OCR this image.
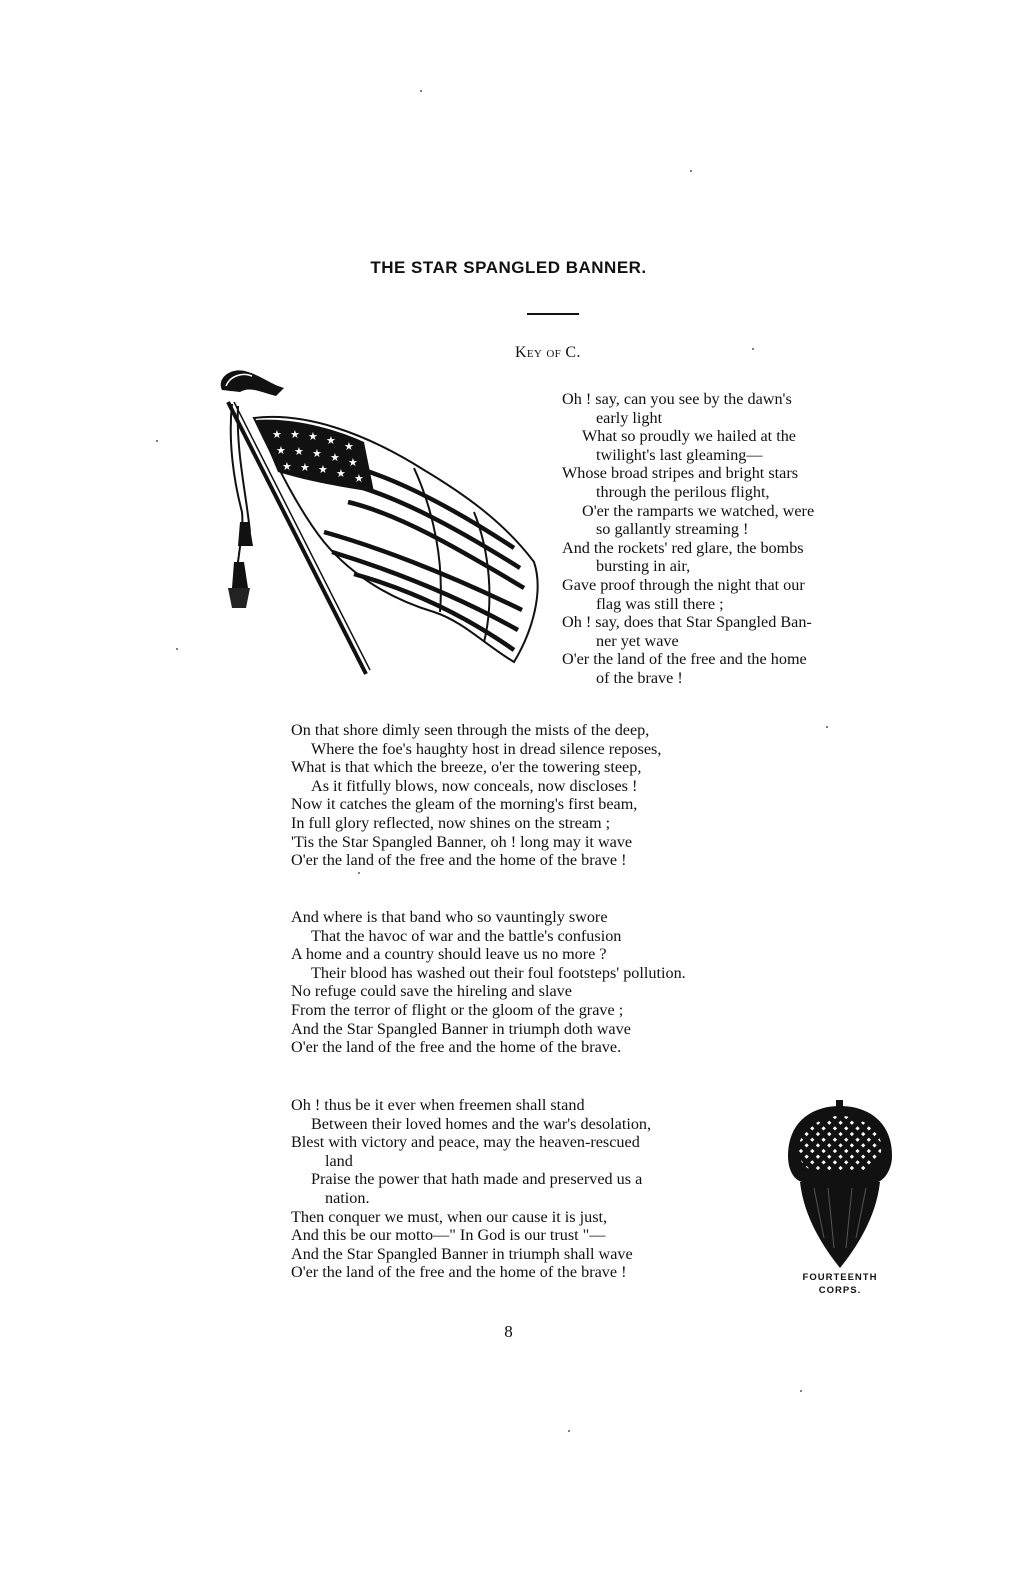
THE STAR SPANGLED BANNER.
Key of C.
★ ★ ★ ★ ★
★ ★ ★ ★ ★
★ ★ ★ ★ ★
Oh ! say, can you see by the dawn's
early light
What so proudly we hailed at the
twilight's last gleaming—
Whose broad stripes and bright stars
through the perilous flight,
O'er the ramparts we watched, were
so gallantly streaming !
And the rockets' red glare, the bombs
bursting in air,
Gave proof through the night that our
flag was still there ;
Oh ! say, does that Star Spangled Ban-
ner yet wave
O'er the land of the free and the home
of the brave !
On that shore dimly seen through the mists of the deep,
Where the foe's haughty host in dread silence reposes,
What is that which the breeze, o'er the towering steep,
As it fitfully blows, now conceals, now discloses !
Now it catches the gleam of the morning's first beam,
In full glory reflected, now shines on the stream ;
'Tis the Star Spangled Banner, oh ! long may it wave
O'er the land of the free and the home of the brave !
And where is that band who so vauntingly swore
That the havoc of war and the battle's confusion
A home and a country should leave us no more ?
Their blood has washed out their foul footsteps' pollution.
No refuge could save the hireling and slave
From the terror of flight or the gloom of the grave ;
And the Star Spangled Banner in triumph doth wave
O'er the land of the free and the home of the brave.
Oh ! thus be it ever when freemen shall stand
Between their loved homes and the war's desolation,
Blest with victory and peace, may the heaven-rescued
land
Praise the power that hath made and preserved us a
nation.
Then conquer we must, when our cause it is just,
And this be our motto—" In God is our trust "—
And the Star Spangled Banner in triumph shall wave
O'er the land of the free and the home of the brave !	FOURTEENTH
CORPS.
8
